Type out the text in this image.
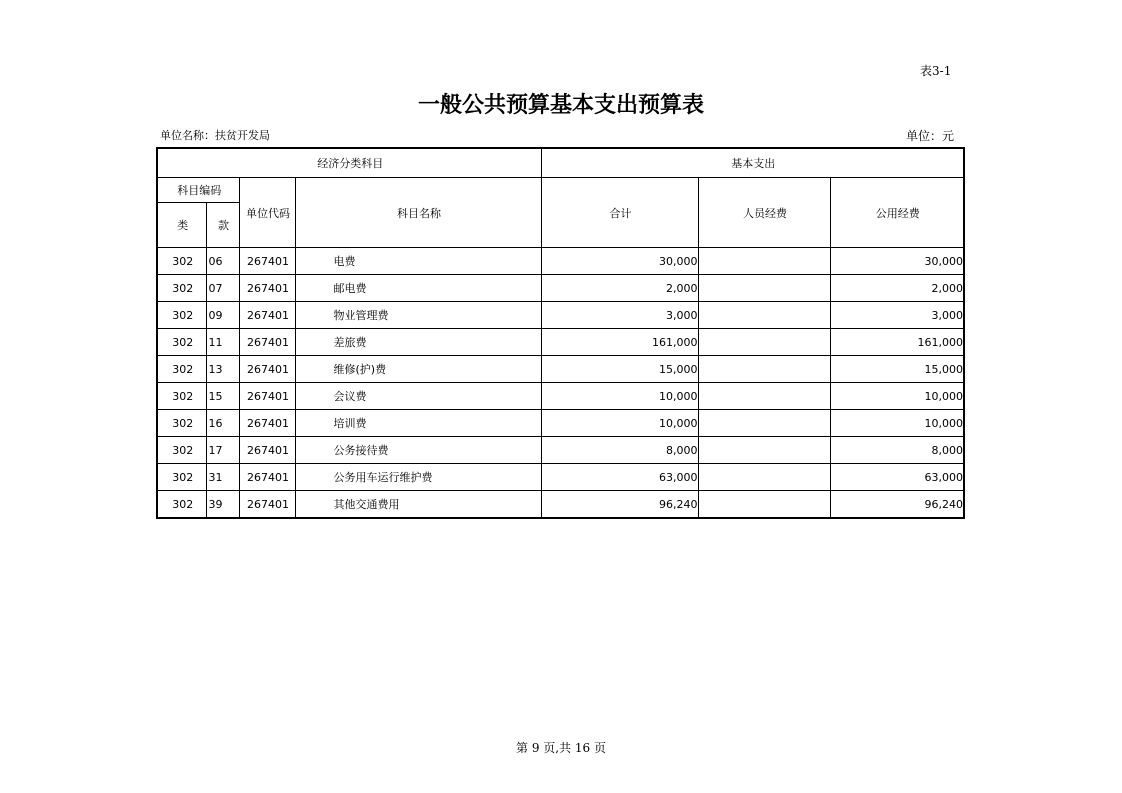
表3-1
一般公共预算基本支出预算表
单位名称：扶贫开发局	单位：元
经济分类科目				基本支出		
科目编码		单位代码	科目名称	合计	人员经费	公用经费
类	款					
302	06	267401	电费	30,000		30,000
302	07	267401	邮电费	2,000		2,000
302	09	267401	物业管理费	3,000		3,000
302	11	267401	差旅费	161,000		161,000
302	13	267401	维修(护)费	15,000		15,000
302	15	267401	会议费	10,000		10,000
302	16	267401	培训费	10,000		10,000
302	17	267401	公务接待费	8,000		8,000
302	31	267401	公务用车运行维护费	63,000		63,000
302	39	267401	其他交通费用	96,240		96,240
第 9 页,共 16 页
